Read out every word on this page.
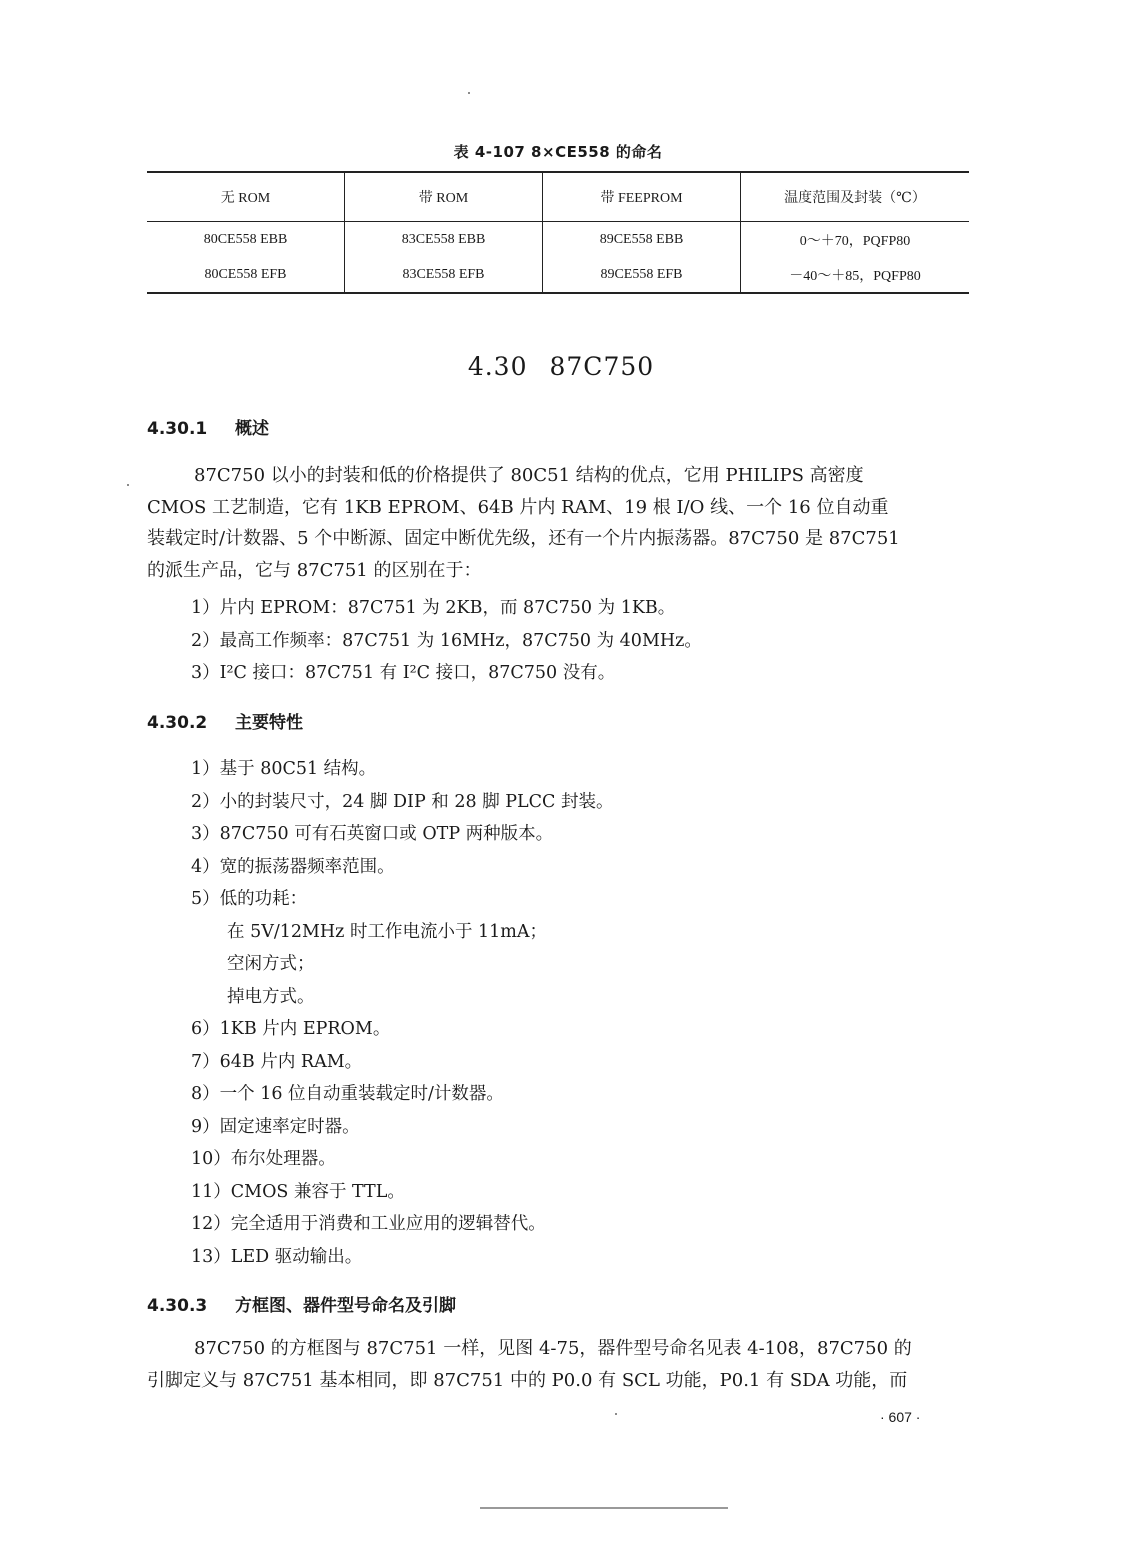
表 4-107 8×CE558 的命名
无 ROM	带 ROM	带 FEEPROM	温度范围及封装（℃）
80CE558 EBB	83CE558 EBB	89CE558 EBB	0～＋70，PQFP80
80CE558 EFB	83CE558 EFB	89CE558 EFB	－40～＋85，PQFP80
4.30 87C750
4.30.1 概述
87C750 以小的封装和低的价格提供了 80C51 结构的优点，它用 PHILIPS 高密度
CMOS 工艺制造，它有 1KB EPROM、64B 片内 RAM、19 根 I/O 线、一个 16 位自动重
装载定时/计数器、5 个中断源、固定中断优先级，还有一个片内振荡器。87C750 是 87C751
的派生产品，它与 87C751 的区别在于：
1）片内 EPROM：87C751 为 2KB，而 87C750 为 1KB。
2）最高工作频率：87C751 为 16MHz，87C750 为 40MHz。
3）I²C 接口：87C751 有 I²C 接口，87C750 没有。
4.30.2 主要特性
1）基于 80C51 结构。
2）小的封装尺寸，24 脚 DIP 和 28 脚 PLCC 封装。
3）87C750 可有石英窗口或 OTP 两种版本。
4）宽的振荡器频率范围。
5）低的功耗：
在 5V/12MHz 时工作电流小于 11mA；
空闲方式；
掉电方式。
6）1KB 片内 EPROM。
7）64B 片内 RAM。
8）一个 16 位自动重装载定时/计数器。
9）固定速率定时器。
10）布尔处理器。
11）CMOS 兼容于 TTL。
12）完全适用于消费和工业应用的逻辑替代。
13）LED 驱动输出。
4.30.3 方框图、器件型号命名及引脚
87C750 的方框图与 87C751 一样，见图 4-75，器件型号命名见表 4-108，87C750 的
引脚定义与 87C751 基本相同，即 87C751 中的 P0.0 有 SCL 功能，P0.1 有 SDA 功能，而
· 607 ·
